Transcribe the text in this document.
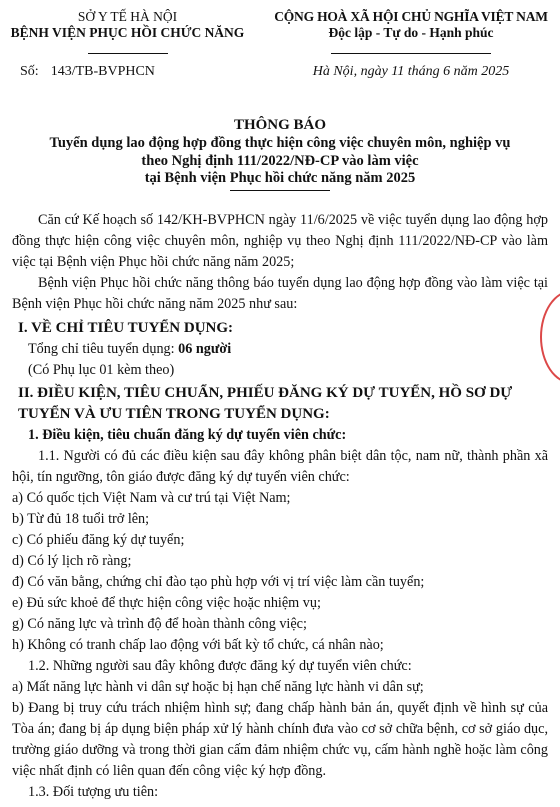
SỞ Y TẾ HÀ NỘI
BỆNH VIỆN PHỤC HỒI CHỨC NĂNG
CỘNG HOÀ XÃ HỘI CHỦ NGHĨA VIỆT NAM
Độc lập - Tự do - Hạnh phúc
Số: 143/TB-BVPHCN	Hà Nội, ngày 11 tháng 6 năm 2025
THÔNG BÁO
Tuyển dụng lao động hợp đồng thực hiện công việc chuyên môn, nghiệp vụ
theo Nghị định 111/2022/NĐ-CP vào làm việc
tại Bệnh viện Phục hồi chức năng năm 2025
Căn cứ Kế hoạch số 142/KH-BVPHCN ngày 11/6/2025 về việc tuyển dụng lao động hợp đồng thực hiện công việc chuyên môn, nghiệp vụ theo Nghị định 111/2022/NĐ-CP vào làm việc tại Bệnh viện Phục hồi chức năng năm 2025;
Bệnh viện Phục hồi chức năng thông báo tuyển dụng lao động hợp đồng vào làm việc tại Bệnh viện Phục hồi chức năng năm 2025 như sau:
I. VỀ CHỈ TIÊU TUYỂN DỤNG:
Tổng chỉ tiêu tuyển dụng: 06 người
(Có Phụ lục 01 kèm theo)
II. ĐIỀU KIỆN, TIÊU CHUẨN, PHIẾU ĐĂNG KÝ DỰ TUYỂN, HỒ SƠ DỰ TUYỂN VÀ ƯU TIÊN TRONG TUYỂN DỤNG:
1. Điều kiện, tiêu chuẩn đăng ký dự tuyển viên chức:
1.1. Người có đủ các điều kiện sau đây không phân biệt dân tộc, nam nữ, thành phần xã hội, tín ngưỡng, tôn giáo được đăng ký dự tuyển viên chức:
a) Có quốc tịch Việt Nam và cư trú tại Việt Nam;
b) Từ đủ 18 tuổi trở lên;
c) Có phiếu đăng ký dự tuyển;
d) Có lý lịch rõ ràng;
đ) Có văn bằng, chứng chỉ đào tạo phù hợp với vị trí việc làm cần tuyển;
e) Đủ sức khoẻ để thực hiện công việc hoặc nhiệm vụ;
g) Có năng lực và trình độ để hoàn thành công việc;
h) Không có tranh chấp lao động với bất kỳ tổ chức, cá nhân nào;
1.2. Những người sau đây không được đăng ký dự tuyển viên chức:
a) Mất năng lực hành vi dân sự hoặc bị hạn chế năng lực hành vi dân sự;
b) Đang bị truy cứu trách nhiệm hình sự; đang chấp hành bản án, quyết định về hình sự của Tòa án; đang bị áp dụng biện pháp xử lý hành chính đưa vào cơ sở chữa bệnh, cơ sở giáo dục, trường giáo dưỡng và trong thời gian cấm đảm nhiệm chức vụ, cấm hành nghề hoặc làm công việc nhất định có liên quan đến công việc ký hợp đồng.
1.3. Đối tượng ưu tiên:
